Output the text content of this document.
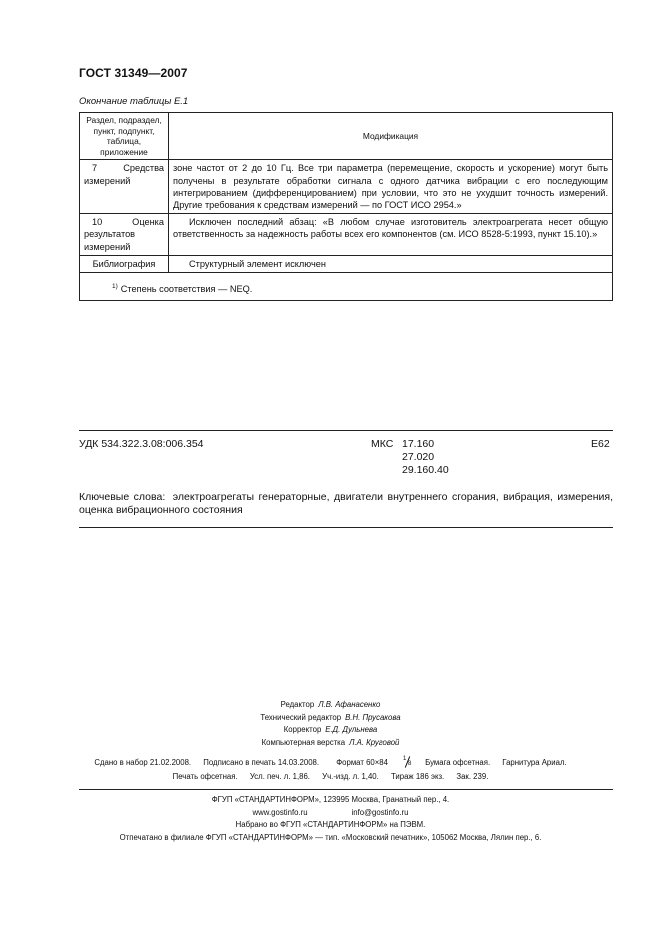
ГОСТ 31349—2007
Окончание таблицы Е.1
Раздел, подраздел, пункт, подпункт, таблица, приложение	Модификация
7 Средства измерений	зоне частот от 2 до 10 Гц. Все три параметра (перемещение, скорость и ускорение) могут быть получены в результате обработки сигнала с одного датчика вибрации с его последующим интегрированием (дифференцированием) при условии, что это не ухудшит точность измерений. Другие требования к средствам измерений — по ГОСТ ИСО 2954.»
10 Оценка результатов измерений	Исключен последний абзац: «В любом случае изготовитель электроагрегата несет общую ответственность за надежность работы всех его компонентов (см. ИСО 8528-5:1993, пункт 15.10).»
Библиография	Структурный элемент исключен
$^{1)}$ Степень соответствия — NEQ.	
УДК 534.322.3.08:006.354	МКС 17.160
27.020
29.160.40
Е62
Ключевые слова: электроагрегаты генераторные, двигатели внутреннего сгорания, вибрация, измерения, оценка вибрационного состояния
Редактор Л.В. Афанасенко
Технический редактор В.Н. Прусакова
Корректор Е.Д. Дульнева
Компьютерная верстка Л.А. Круговой
Сдано в набор 21.02.2008. Подписано в печать 14.03.2008. Формат 60×84	1
8 Бумага офсетная. Гарнитура Ариал.
Печать офсетная. Усл. печ. л. 1,86. Уч.-изд. л. 1,40. Тираж 186 экз. Зак. 239.
ФГУП «СТАНДАРТИНФОРМ», 123995 Москва, Гранатный пер., 4.
www.gostinfo.ru	info@gostinfo.ru
Набрано во ФГУП «СТАНДАРТИНФОРМ» на ПЭВМ.
Отпечатано в филиале ФГУП «СТАНДАРТИНФОРМ» — тип. «Московский печатник», 105062 Москва, Лялин пер., 6.
